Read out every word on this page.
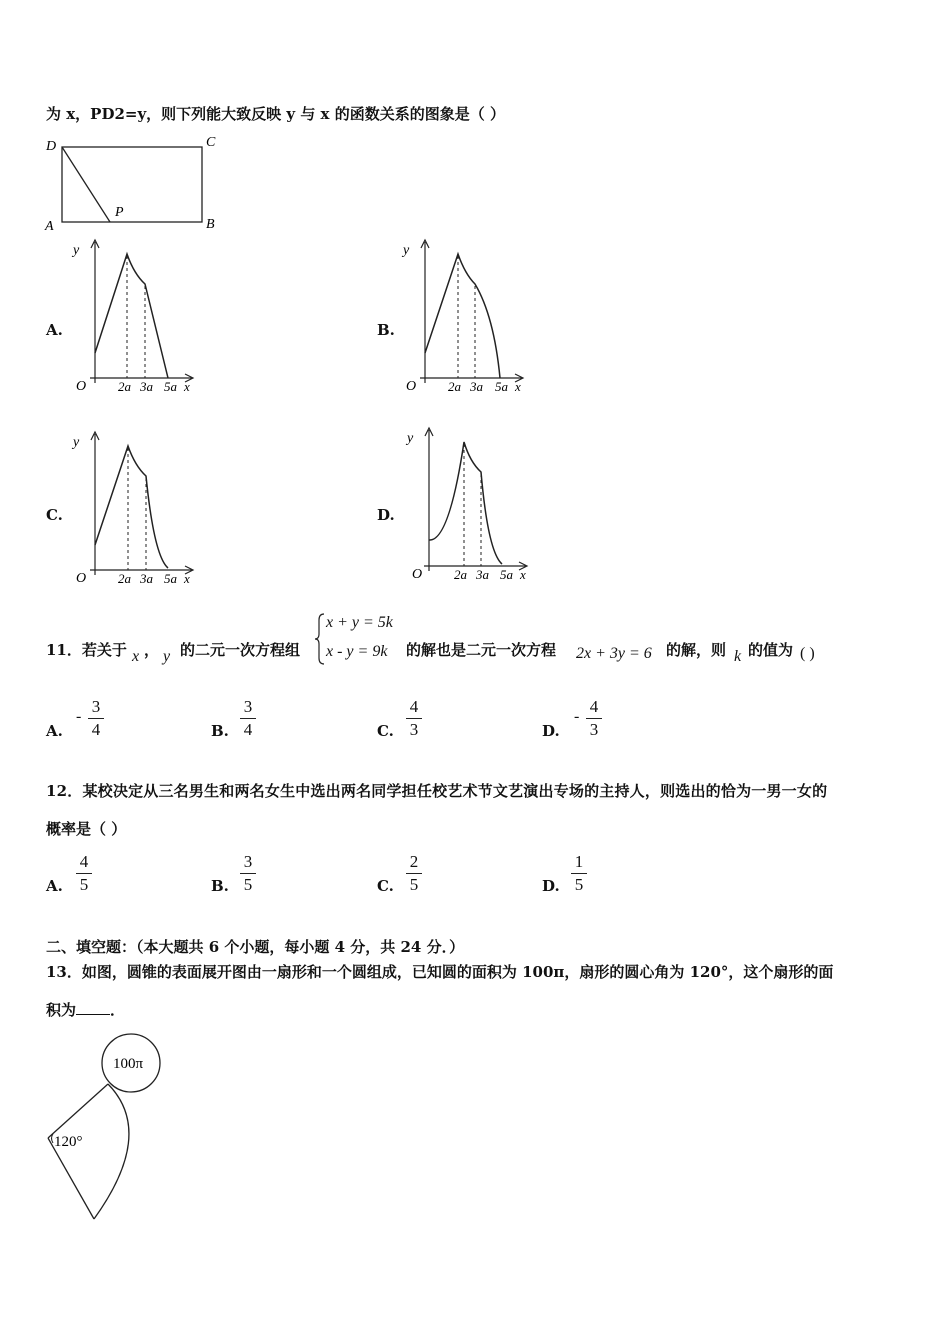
为 x，PD2=y，则下列能大致反映 y 与 x 的函数关系的图象是（ ）
D	C
A	B
P
A.
O
y
2a 3a 5a x
B.
O
y
2a 3a 5a x
C.
O
y
2a 3a 5a x
D.
O
y
2a 3a 5a x
11．若关于 x ， y 的二元一次方程组
x + y = 5k
x - y = 9k 的解也是二元一次方程 2x + 3y = 6 的解，则 k 的值为 ( )
A.
-
3
4	B.
3
4	C.
4
3	D.
-
4
3
12．某校决定从三名男生和两名女生中选出两名同学担任校艺术节文艺演出专场的主持人，则选出的恰为一男一女的
概率是（ ）
A.
4
5	B.
3
5	C.
2
5	D.
1
5
二、填空题：（本大题共 6 个小题，每小题 4 分，共 24 分．）
13．如图，圆锥的表面展开图由一扇形和一个圆组成，已知圆的面积为 100π，扇形的圆心角为 120°，这个扇形的面
积为 ．
100π
120°
